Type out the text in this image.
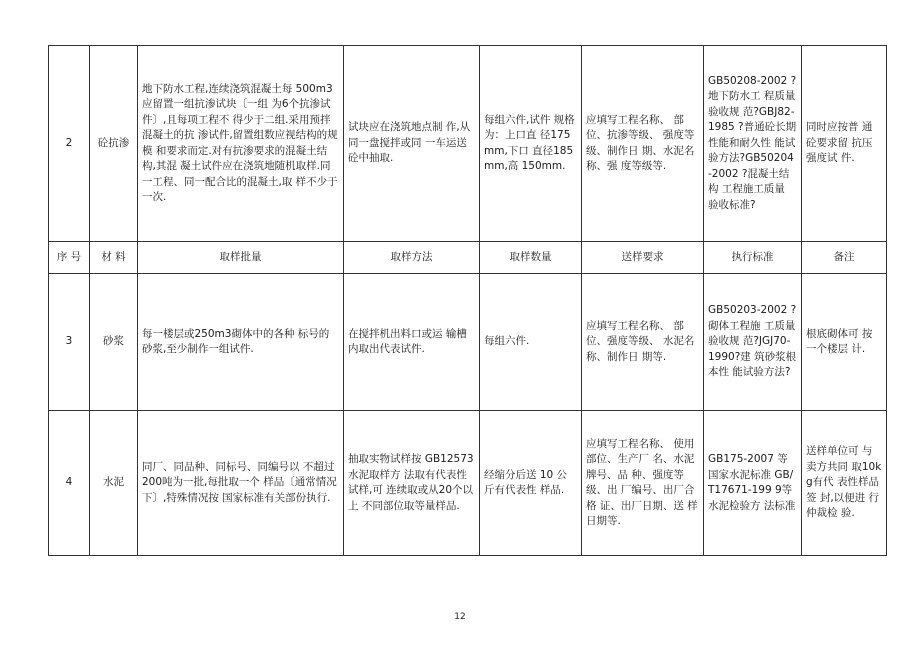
2	砼抗渗	地下防水工程,连续浇筑混凝土每 500m3应留置一组抗渗试块〔一组 为6个抗渗试件〕,且每项工程不 得少于二组.采用预拌混凝土的抗 渗试件,留置组数应视结构的规模 和要求而定.对有抗渗要求的混凝土结构,其混 凝土试件应在浇筑地随机取样.同 一工程、同一配合比的混凝土,取 样不少于一次.	试块应在浇筑地点制 作,从同一盘搅拌或同 一车运送砼中抽取.	每组六件,试件 规格为：上口直 径175mm,下口 直径185mm,高 150mm.	应填写工程名称、 部位、抗渗等级、 强度等级、制作日 期、水泥名称、强 度等级等.	GB50208-2002 ?地下防水工 程质量验收规 范?GBJ82-1985 ?普通砼长期 性能和耐久性 能试验方法?GB50204-2002 ?混凝土结构 工程施工质量 验收标准?	同时应按普 通砼要求留 抗压强度试 件.
序 号	材 料	取样批量	取样方法	取样数量	送样要求	执行标准	备注
3	砂浆	每一楼层或250m3砌体中的各种 标号的砂浆,至少制作一组试件.	在搅拌机出料口或运 输槽内取出代表试件.	每组六件.	应填写工程名称、 部位、强度等级、 水泥名称、制作日 期等.	GB50203-2002 ?砌体工程施 工质量验收规 范?JGJ70-1990?建 筑砂浆根本性 能试验方法?	根底砌体可 按一个楼层 计.
4	水泥	同厂、同品种、同标号、同编号以 不超过200吨为一批,每批取一个 样品〔通常情况下〕,特殊情况按 国家标准有关部份执行.	抽取实物试样按 GB12573水泥取样方 法取有代表性试样,可 连续取或从20个以上 不同部位取等量样品.	经缩分后送 10 公斤有代表性 样品.	应填写工程名称、 使用部位、生产厂 名、水泥牌号、品 种、强度等级、出 厂编号、出厂合格 证、出厂日期、送 样日期等.	GB175-2007 等国家水泥标准 GB/T17671-199 9等水泥检验方 法标准	送样单位可 与卖方共同 取10kg有代 表性样品签 封,以便进 行仲裁检 验.
12
